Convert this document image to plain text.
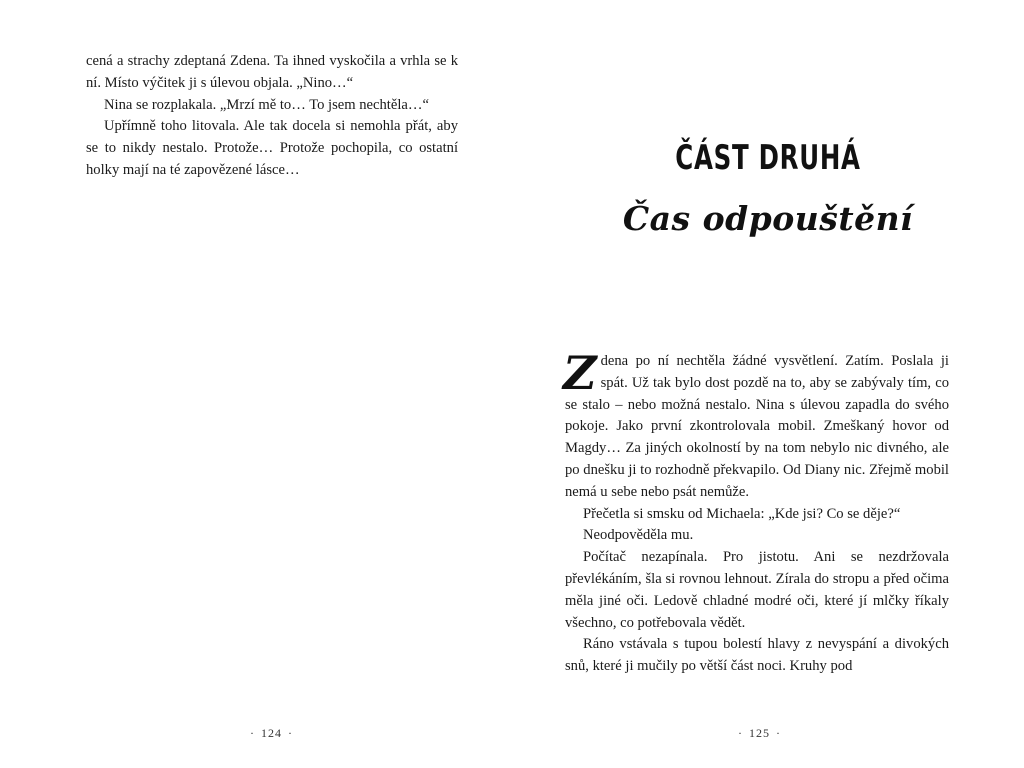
cená a strachy zdeptaná Zdena. Ta ihned vyskočila a vrhla se k ní. Místo výčitek ji s úlevou objala. „Nino…“

Nina se rozplakala. „Mrzí mě to… To jsem nechtěla…“

Upřímně toho litovala. Ale tak docela si nemohla přát, aby se to nikdy nestalo. Protože… Protože pochopila, co ostatní holky mají na té zapovězené lásce…

· 124 ·
ČÁST DRUHÁ
Čas odpouštění

Zdena po ní nechtěla žádné vysvětlení. Zatím. Poslala ji spát. Už tak bylo dost pozdě na to, aby se zabývaly tím, co se stalo – nebo možná nestalo. Nina s úlevou zapadla do svého pokoje. Jako první zkontrolovala mobil. Zmeškaný hovor od Magdy… Za jiných okolností by na tom nebylo nic divného, ale po dnešku ji to rozhodně překvapilo. Od Diany nic. Zřejmě mobil nemá u sebe nebo psát nemůže.

Přečetla si smsku od Michaela: „Kde jsi? Co se děje?“

Neodpověděla mu.

Počítač nezapínala. Pro jistotu. Ani se nezdržovala převlékáním, šla si rovnou lehnout. Zírala do stropu a před očima měla jiné oči. Ledově chladné modré oči, které jí mlčky říkaly všechno, co potřebovala vědět.

Ráno vstávala s tupou bolestí hlavy z nevyspání a divokých snů, které ji mučily po větší část noci. Kruhy pod

· 125 ·
